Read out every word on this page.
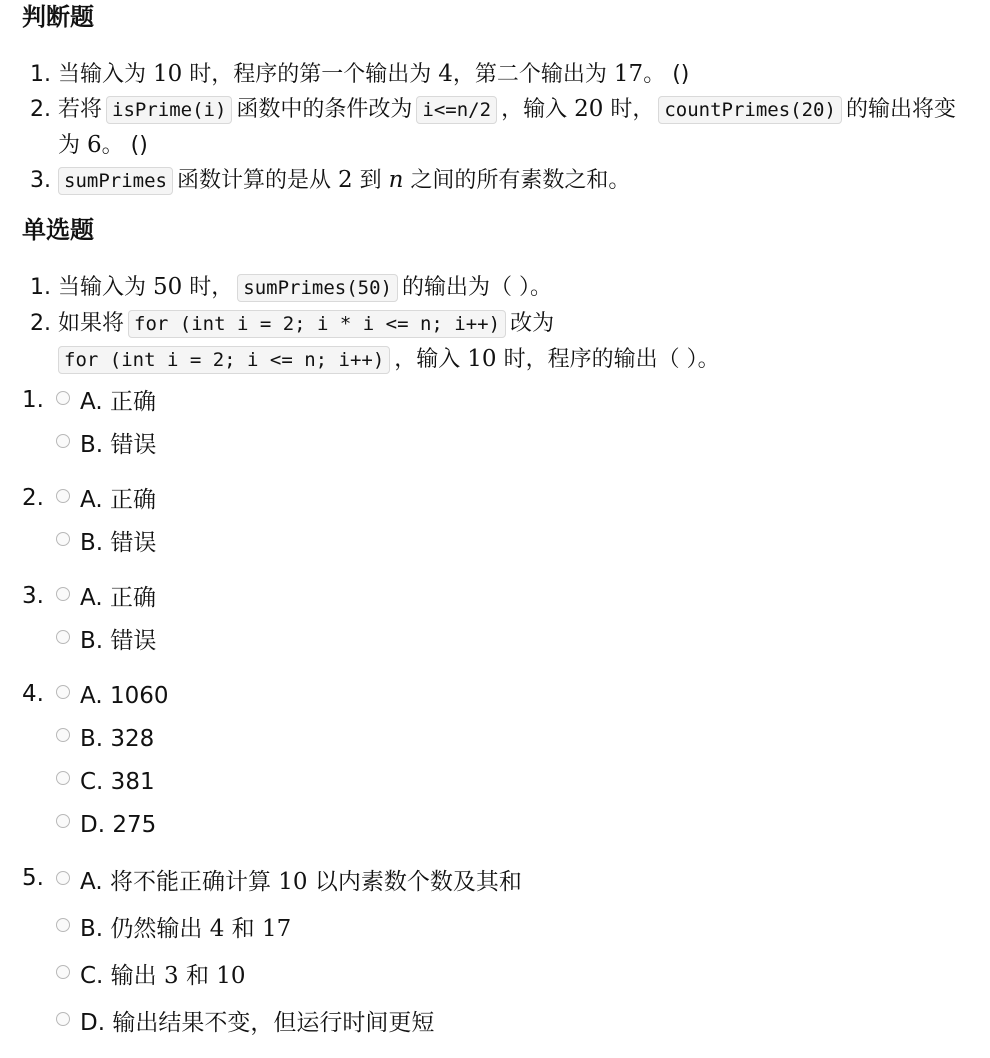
判断题
1. 当输入为 10 时，程序的第一个输出为 4，第二个输出为 17。 ()
2. 若将 isPrime(i) 函数中的条件改为 i<=n/2 ，输入 20 时， countPrimes(20) 的输出将变为 6。 ()
3. sumPrimes 函数计算的是从 2 到 n 之间的所有素数之和。
单选题
1. 当输入为 50 时， sumPrimes(50) 的输出为（ ）。
2. 如果将 for (int i = 2; i * i <= n; i++) 改为
for (int i = 2; i <= n; i++) ，输入 10 时，程序的输出（ ）。
1. A. 正确
B. 错误
2. A. 正确
B. 错误
3. A. 正确
B. 错误
4. A. 1060
B. 328
C. 381
D. 275
5. A. 将不能正确计算 10 以内素数个数及其和
B. 仍然输出 4 和 17
C. 输出 3 和 10
D. 输出结果不变，但运行时间更短
